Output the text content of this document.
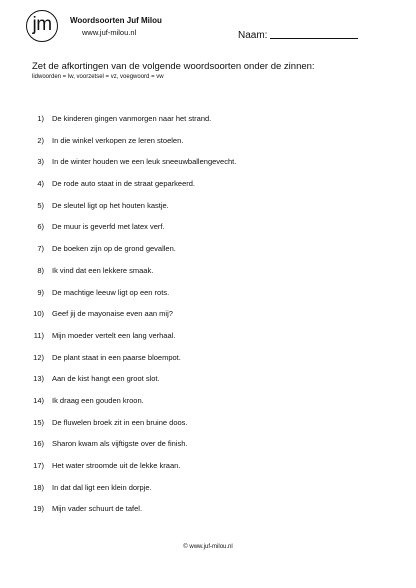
jm Woordsoorten Juf Milou
www.juf-milou.nl	Naam:
Zet de afkortingen van de volgende woordsoorten onder de zinnen:
lidwoorden = lw, voorzetsel = vz, voegwoord = vw
1) De kinderen gingen vanmorgen naar het strand.
2) In die winkel verkopen ze leren stoelen.
3) In de winter houden we een leuk sneeuwballengevecht.
4) De rode auto staat in de straat geparkeerd.
5) De sleutel ligt op het houten kastje.
6) De muur is geverfd met latex verf.
7) De boeken zijn op de grond gevallen.
8) Ik vind dat een lekkere smaak.
9) De machtige leeuw ligt op een rots.
10) Geef jij de mayonaise even aan mij?
11) Mijn moeder vertelt een lang verhaal.
12) De plant staat in een paarse bloempot.
13) Aan de kist hangt een groot slot.
14) Ik draag een gouden kroon.
15) De fluwelen broek zit in een bruine doos.
16) Sharon kwam als vijftigste over de finish.
17) Het water stroomde uit de lekke kraan.
18) In dat dal ligt een klein dorpje.
19) Mijn vader schuurt de tafel.
© www.juf-milou.nl
